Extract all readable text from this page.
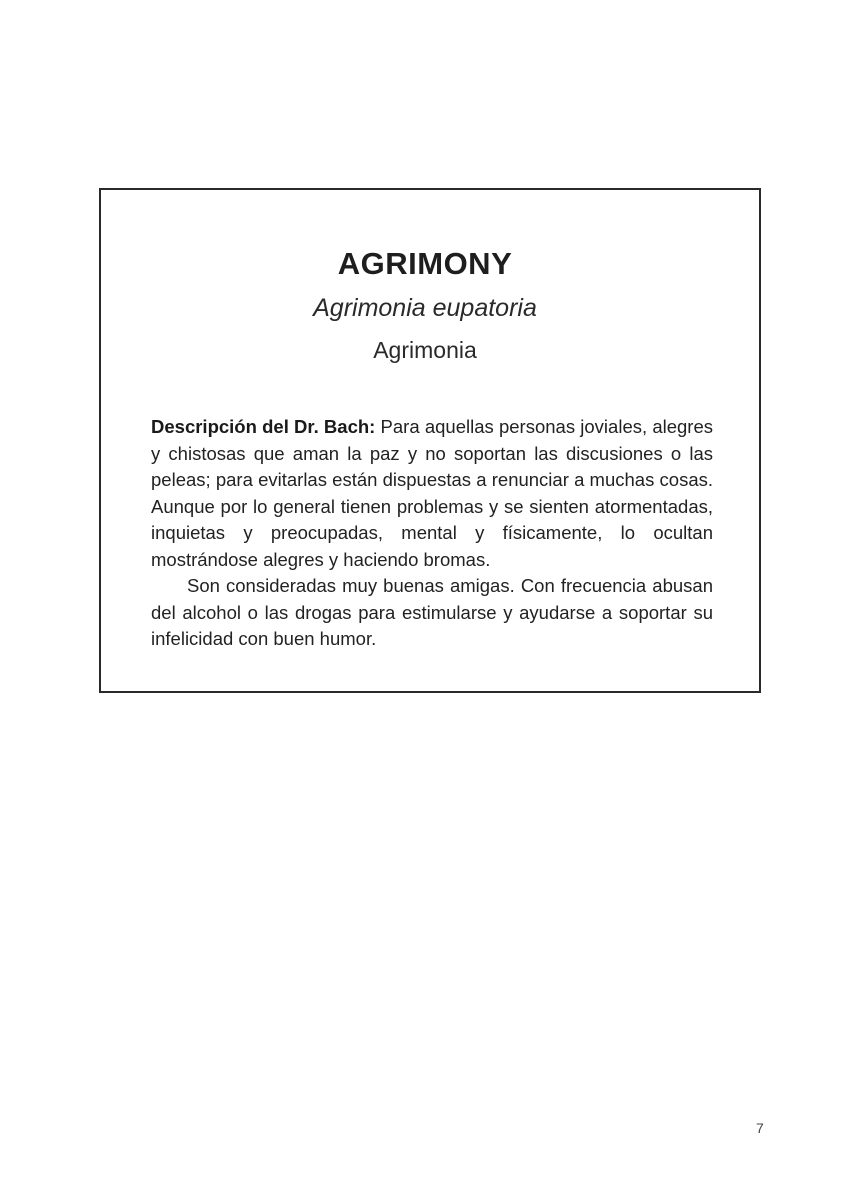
AGRIMONY
Agrimonia eupatoria
Agrimonia

Descripción del Dr. Bach: Para aquellas personas joviales, alegres y chistosas que aman la paz y no soportan las discusiones o las peleas; para evitarlas están dispuestas a renunciar a muchas cosas. Aunque por lo general tienen problemas y se sienten atormentadas, inquietas y preocupadas, mental y físicamente, lo ocultan mostrándose alegres y haciendo bromas.

Son consideradas muy buenas amigas. Con frecuencia abusan del alcohol o las drogas para estimularse y ayudarse a soportar su infelicidad con buen humor.

7
